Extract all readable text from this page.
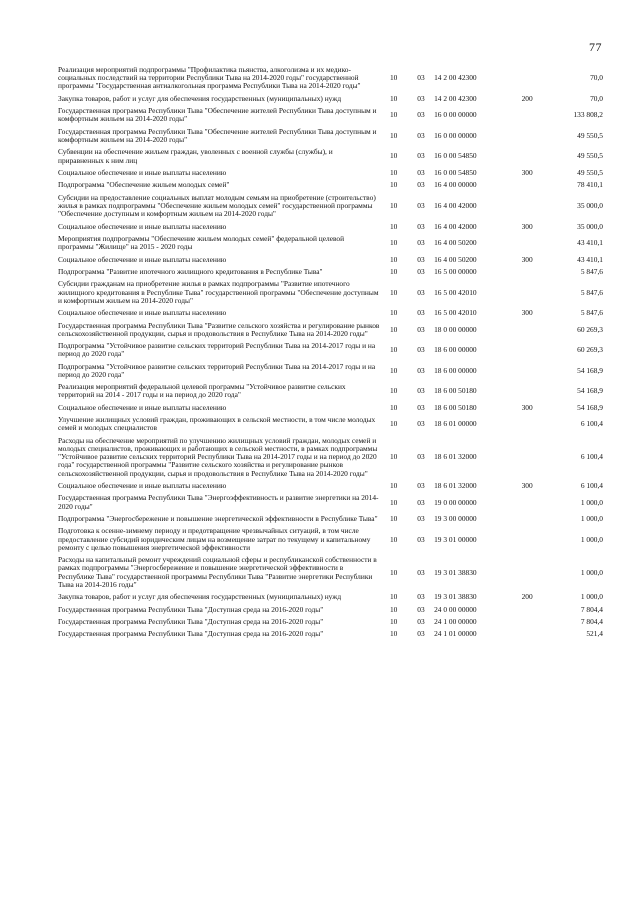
77
Реализация мероприятий подпрограммы "Профилактика пьянства, алкоголизма и их медико-социальных последствий на территории Республики Тыва на 2014-2020 годы" государственной программы "Государственная антиалкогольная программа Республики Тыва на 2014-2020 годы"	10	03	14 2 00 42300		70,0
Закупка товаров, работ и услуг для обеспечения государственных (муниципальных) нужд	10	03	14 2 00 42300	200	70,0
Государственная программа Республики Тыва "Обеспечение жителей Республики Тыва доступным и комфортным жильем на 2014-2020 годы"	10	03	16 0 00 00000		133 808,2
Государственная программа Республики Тыва "Обеспечение жителей Республики Тыва доступным и комфортным жильем на 2014-2020 годы"	10	03	16 0 00 00000		49 550,5
Субвенции на обеспечение жильем граждан, уволенных с военной службы (службы), и приравненных к ним лиц	10	03	16 0 00 54850		49 550,5
Социальное обеспечение и иные выплаты населению	10	03	16 0 00 54850	300	49 550,5
Подпрограмма "Обеспечение жильем молодых семей"	10	03	16 4 00 00000		78 410,1
Субсидии на предоставление социальных выплат молодым семьям на приобретение (строительство) жилья в рамках подпрограммы "Обеспечение жильем молодых семей" государственной программы "Обеспечение доступным и комфортным жильем на 2014-2020 годы"	10	03	16 4 00 42000		35 000,0
Социальное обеспечение и иные выплаты населению	10	03	16 4 00 42000	300	35 000,0
Мероприятия подпрограммы "Обеспечение жильем молодых семей" федеральной целевой программы "Жилище" на 2015 - 2020 годы	10	03	16 4 00 50200		43 410,1
Социальное обеспечение и иные выплаты населению	10	03	16 4 00 50200	300	43 410,1
Подпрограмма "Развитие ипотечного жилищного кредитования в Республике Тыва"	10	03	16 5 00 00000		5 847,6
Субсидии гражданам на приобретение жилья в рамках подпрограммы "Развитие ипотечного жилищного кредитования в Республике Тыва" государственной программы "Обеспечение доступным и комфортным жильем на 2014-2020 годы"	10	03	16 5 00 42010		5 847,6
Социальное обеспечение и иные выплаты населению	10	03	16 5 00 42010	300	5 847,6
Государственная программа Республики Тыва "Развитие сельского хозяйства и регулирование рынков сельскохозяйственной продукции, сырья и продовольствия в Республике Тыва на 2014-2020 годы"	10	03	18 0 00 00000		60 269,3
Подпрограмма "Устойчивое развитие сельских территорий Республики Тыва на 2014-2017 годы и на период до 2020 года"	10	03	18 6 00 00000		60 269,3
Подпрограмма "Устойчивое развитие сельских территорий Республики Тыва на 2014-2017 годы и на период до 2020 года"	10	03	18 6 00 00000		54 168,9
Реализация мероприятий федеральной целевой программы "Устойчивое развитие сельских территорий на 2014 - 2017 годы и на период до 2020 года"	10	03	18 6 00 50180		54 168,9
Социальное обеспечение и иные выплаты населению	10	03	18 6 00 50180	300	54 168,9
Улучшение жилищных условий граждан, проживающих в сельской местности, в том числе молодых семей и молодых специалистов	10	03	18 6 01 00000		6 100,4
Расходы на обеспечение мероприятий по улучшению жилищных условий граждан, молодых семей и молодых специалистов, проживающих и работающих в сельской местности, в рамках подпрограммы "Устойчивое развитие сельских территорий Республики Тыва на 2014-2017 годы и на период до 2020 года" государственной программы "Развитие сельского хозяйства и регулирование рынков сельскохозяйственной продукции, сырья и продовольствия в Республике Тыва на 2014-2020 годы"	10	03	18 6 01 32000		6 100,4
Социальное обеспечение и иные выплаты населению	10	03	18 6 01 32000	300	6 100,4
Государственная программа Республики Тыва "Энергоэффективность и развитие энергетики на 2014-2020 годы"	10	03	19 0 00 00000		1 000,0
Подпрограмма "Энергосбережение и повышение энергетической эффективности в Республике Тыва"	10	03	19 3 00 00000		1 000,0
Подготовка к осенне-зимнему периоду и предотвращение чрезвычайных ситуаций, в том числе предоставление субсидий юридическим лицам на возмещение затрат по текущему и капитальному ремонту с целью повышения энергетической эффективности	10	03	19 3 01 00000		1 000,0
Расходы на капитальный ремонт учреждений социальной сферы и республиканской собственности в рамках подпрограммы "Энергосбережение и повышение энергетической эффективности в Республике Тыва" государственной программы Республики Тыва "Развитие энергетики Республики Тыва на 2014-2016 годы"	10	03	19 3 01 38830		1 000,0
Закупка товаров, работ и услуг для обеспечения государственных (муниципальных) нужд	10	03	19 3 01 38830	200	1 000,0
Государственная программа Республики Тыва "Доступная среда на 2016-2020 годы"	10	03	24 0 00 00000		7 804,4
Государственная программа Республики Тыва "Доступная среда на 2016-2020 годы"	10	03	24 1 00 00000		7 804,4
Государственная программа Республики Тыва "Доступная среда на 2016-2020 годы"	10	03	24 1 01 00000		521,4
